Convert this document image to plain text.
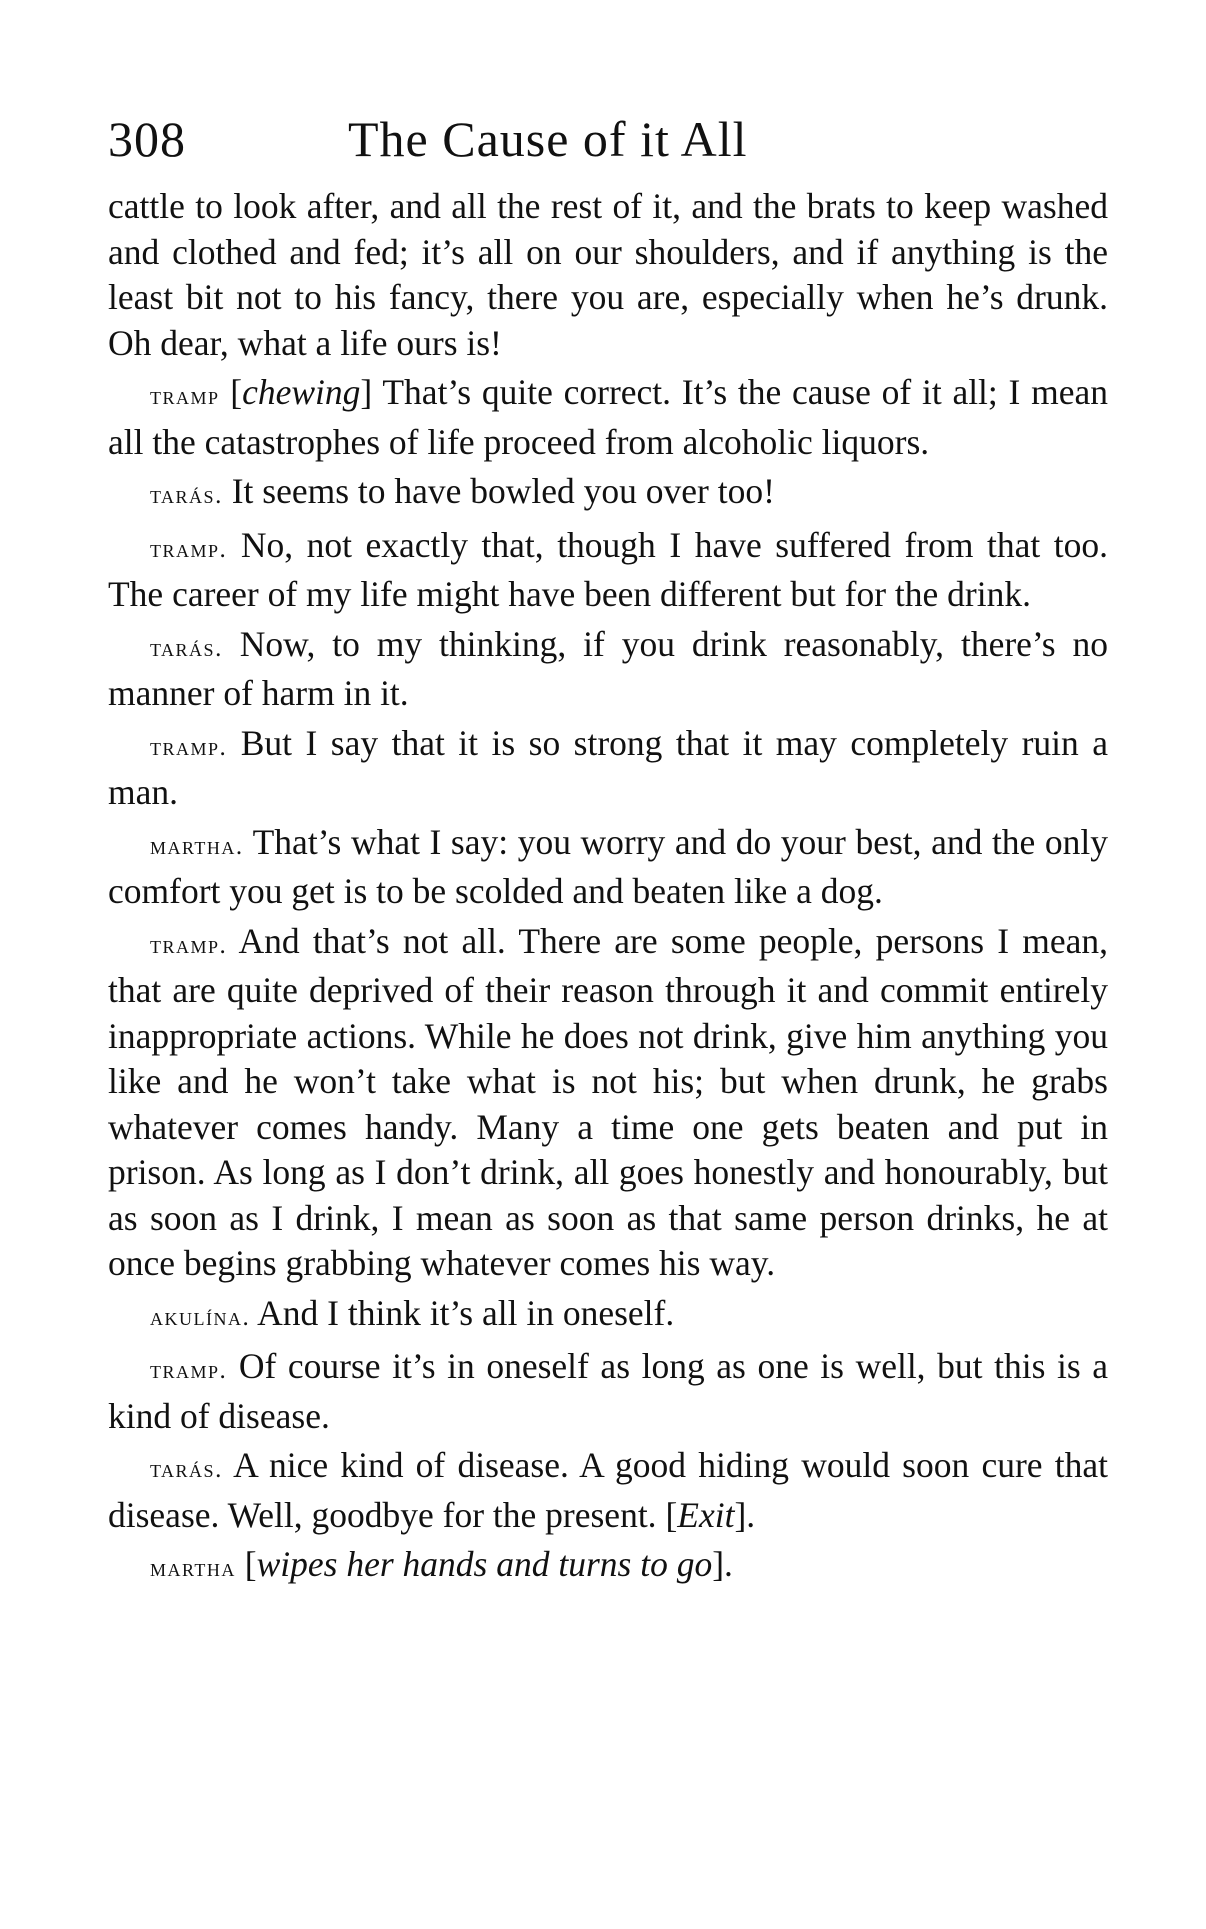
308	The Cause of it All

cattle to look after, and all the rest of it, and the brats to keep washed and clothed and fed; it’s all on our shoulders, and if anything is the least bit not to his fancy, there you are, especially when he’s drunk. Oh dear, what a life ours is!

tramp [chewing] That’s quite correct. It’s the cause of it all; I mean all the catastrophes of life proceed from alcoholic liquors.

tarás. It seems to have bowled you over too!

tramp. No, not exactly that, though I have suffered from that too. The career of my life might have been different but for the drink.

tarás. Now, to my thinking, if you drink reasonably, there’s no manner of harm in it.

tramp. But I say that it is so strong that it may completely ruin a man.

martha. That’s what I say: you worry and do your best, and the only comfort you get is to be scolded and beaten like a dog.

tramp. And that’s not all. There are some people, persons I mean, that are quite deprived of their reason through it and commit entirely inappropriate actions. While he does not drink, give him anything you like and he won’t take what is not his; but when drunk, he grabs whatever comes handy. Many a time one gets beaten and put in prison. As long as I don’t drink, all goes honestly and honourably, but as soon as I drink, I mean as soon as that same person drinks, he at once begins grabbing whatever comes his way.

akulína. And I think it’s all in oneself.

tramp. Of course it’s in oneself as long as one is well, but this is a kind of disease.

tarás. A nice kind of disease. A good hiding would soon cure that disease. Well, goodbye for the present. [Exit].

martha [wipes her hands and turns to go].
